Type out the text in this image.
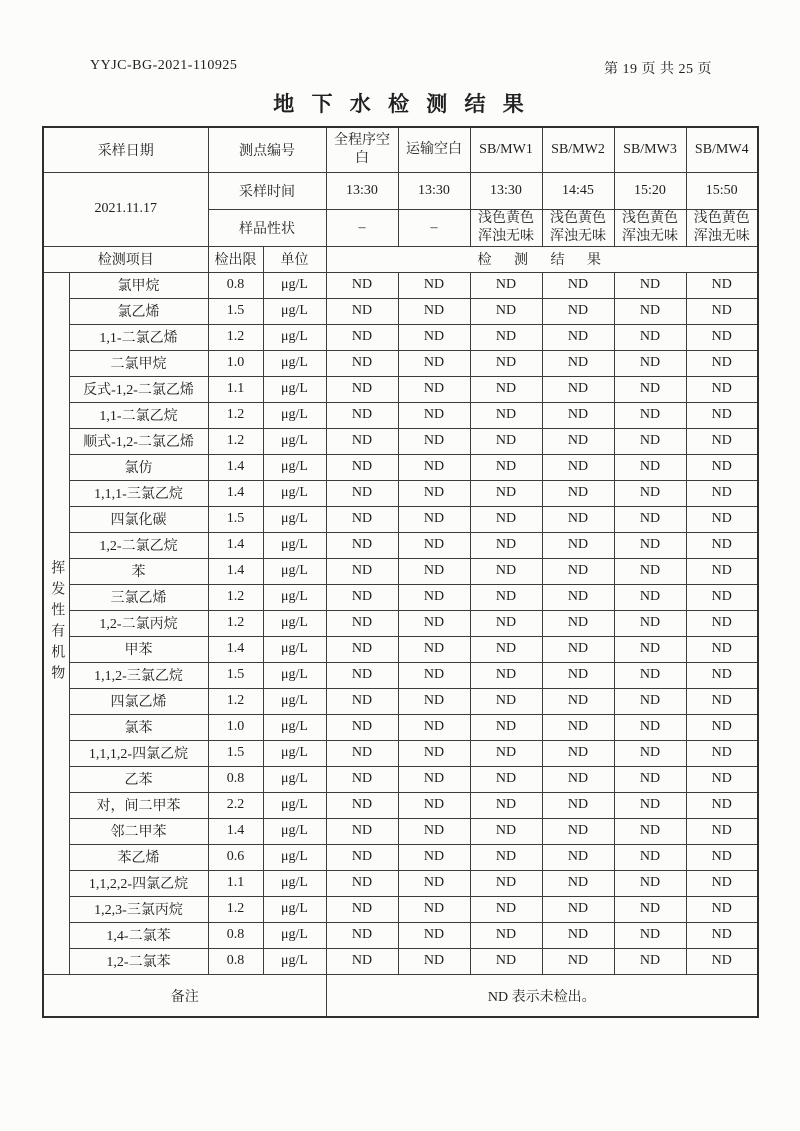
YYJC-BG-2021-110925	第 19 页 共 25 页
地 下 水 检 测 结 果
采样日期		测点编号		全程序空白	运输空白	SB/MW1	SB/MW2	SB/MW3	SB/MW4
2021.11.17		采样时间		13:30	13:30	13:30	14:45	15:20	15:50
		样品性状		–	–	浅色黄色浑浊无味	浅色黄色浑浊无味	浅色黄色浑浊无味	浅色黄色浑浊无味
检测项目		检出限	单位	检 测 结 果					
挥发性有机物	氯甲烷	0.8	μg/L	ND	ND	ND	ND	ND	ND
	氯乙烯	1.5	μg/L	ND	ND	ND	ND	ND	ND
	1,1-二氯乙烯	1.2	μg/L	ND	ND	ND	ND	ND	ND
	二氯甲烷	1.0	μg/L	ND	ND	ND	ND	ND	ND
	反式-1,2-二氯乙烯	1.1	μg/L	ND	ND	ND	ND	ND	ND
	1,1-二氯乙烷	1.2	μg/L	ND	ND	ND	ND	ND	ND
	顺式-1,2-二氯乙烯	1.2	μg/L	ND	ND	ND	ND	ND	ND
	氯仿	1.4	μg/L	ND	ND	ND	ND	ND	ND
	1,1,1-三氯乙烷	1.4	μg/L	ND	ND	ND	ND	ND	ND
	四氯化碳	1.5	μg/L	ND	ND	ND	ND	ND	ND
	1,2-二氯乙烷	1.4	μg/L	ND	ND	ND	ND	ND	ND
	苯	1.4	μg/L	ND	ND	ND	ND	ND	ND
	三氯乙烯	1.2	μg/L	ND	ND	ND	ND	ND	ND
	1,2-二氯丙烷	1.2	μg/L	ND	ND	ND	ND	ND	ND
	甲苯	1.4	μg/L	ND	ND	ND	ND	ND	ND
	1,1,2-三氯乙烷	1.5	μg/L	ND	ND	ND	ND	ND	ND
	四氯乙烯	1.2	μg/L	ND	ND	ND	ND	ND	ND
	氯苯	1.0	μg/L	ND	ND	ND	ND	ND	ND
	1,1,1,2-四氯乙烷	1.5	μg/L	ND	ND	ND	ND	ND	ND
	乙苯	0.8	μg/L	ND	ND	ND	ND	ND	ND
	对，间二甲苯	2.2	μg/L	ND	ND	ND	ND	ND	ND
	邻二甲苯	1.4	μg/L	ND	ND	ND	ND	ND	ND
	苯乙烯	0.6	μg/L	ND	ND	ND	ND	ND	ND
	1,1,2,2-四氯乙烷	1.1	μg/L	ND	ND	ND	ND	ND	ND
	1,2,3-三氯丙烷	1.2	μg/L	ND	ND	ND	ND	ND	ND
	1,4-二氯苯	0.8	μg/L	ND	ND	ND	ND	ND	ND
	1,2-二氯苯	0.8	μg/L	ND	ND	ND	ND	ND	ND
备注				ND 表示未检出。					
